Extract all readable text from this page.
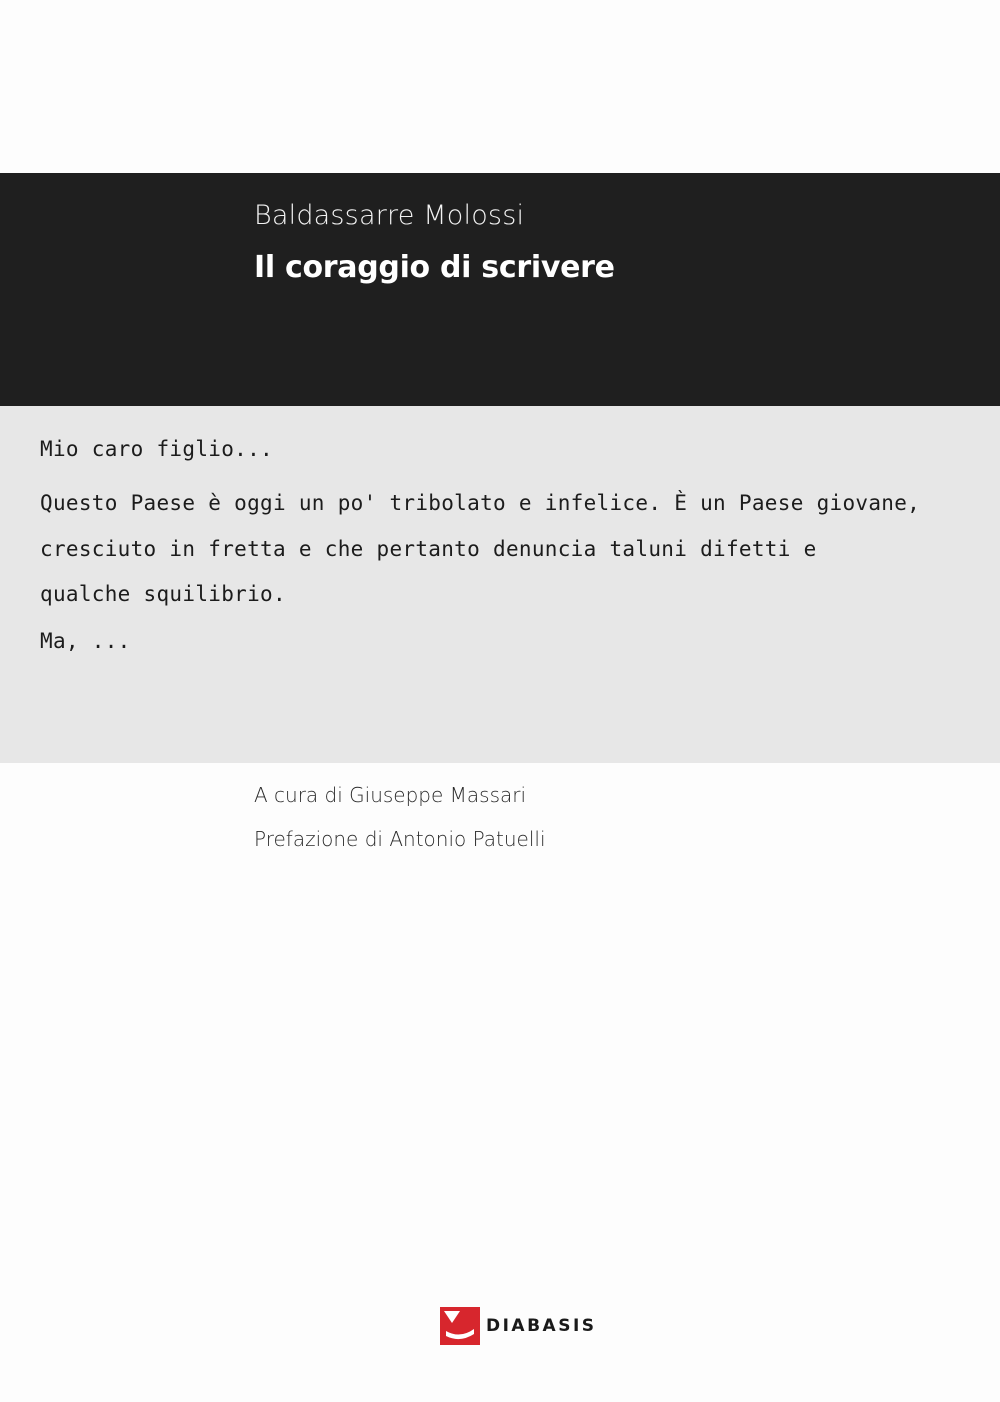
Baldassarre Molossi
Il coraggio di scrivere
Mio caro figlio...
Questo Paese è oggi un po' tribolato e infelice. È un Paese giovane,
cresciuto in fretta e che pertanto denuncia taluni difetti e
qualche squilibrio.
Ma, ...
A cura di Giuseppe Massari
Prefazione di Antonio Patuelli
DIABASIS
